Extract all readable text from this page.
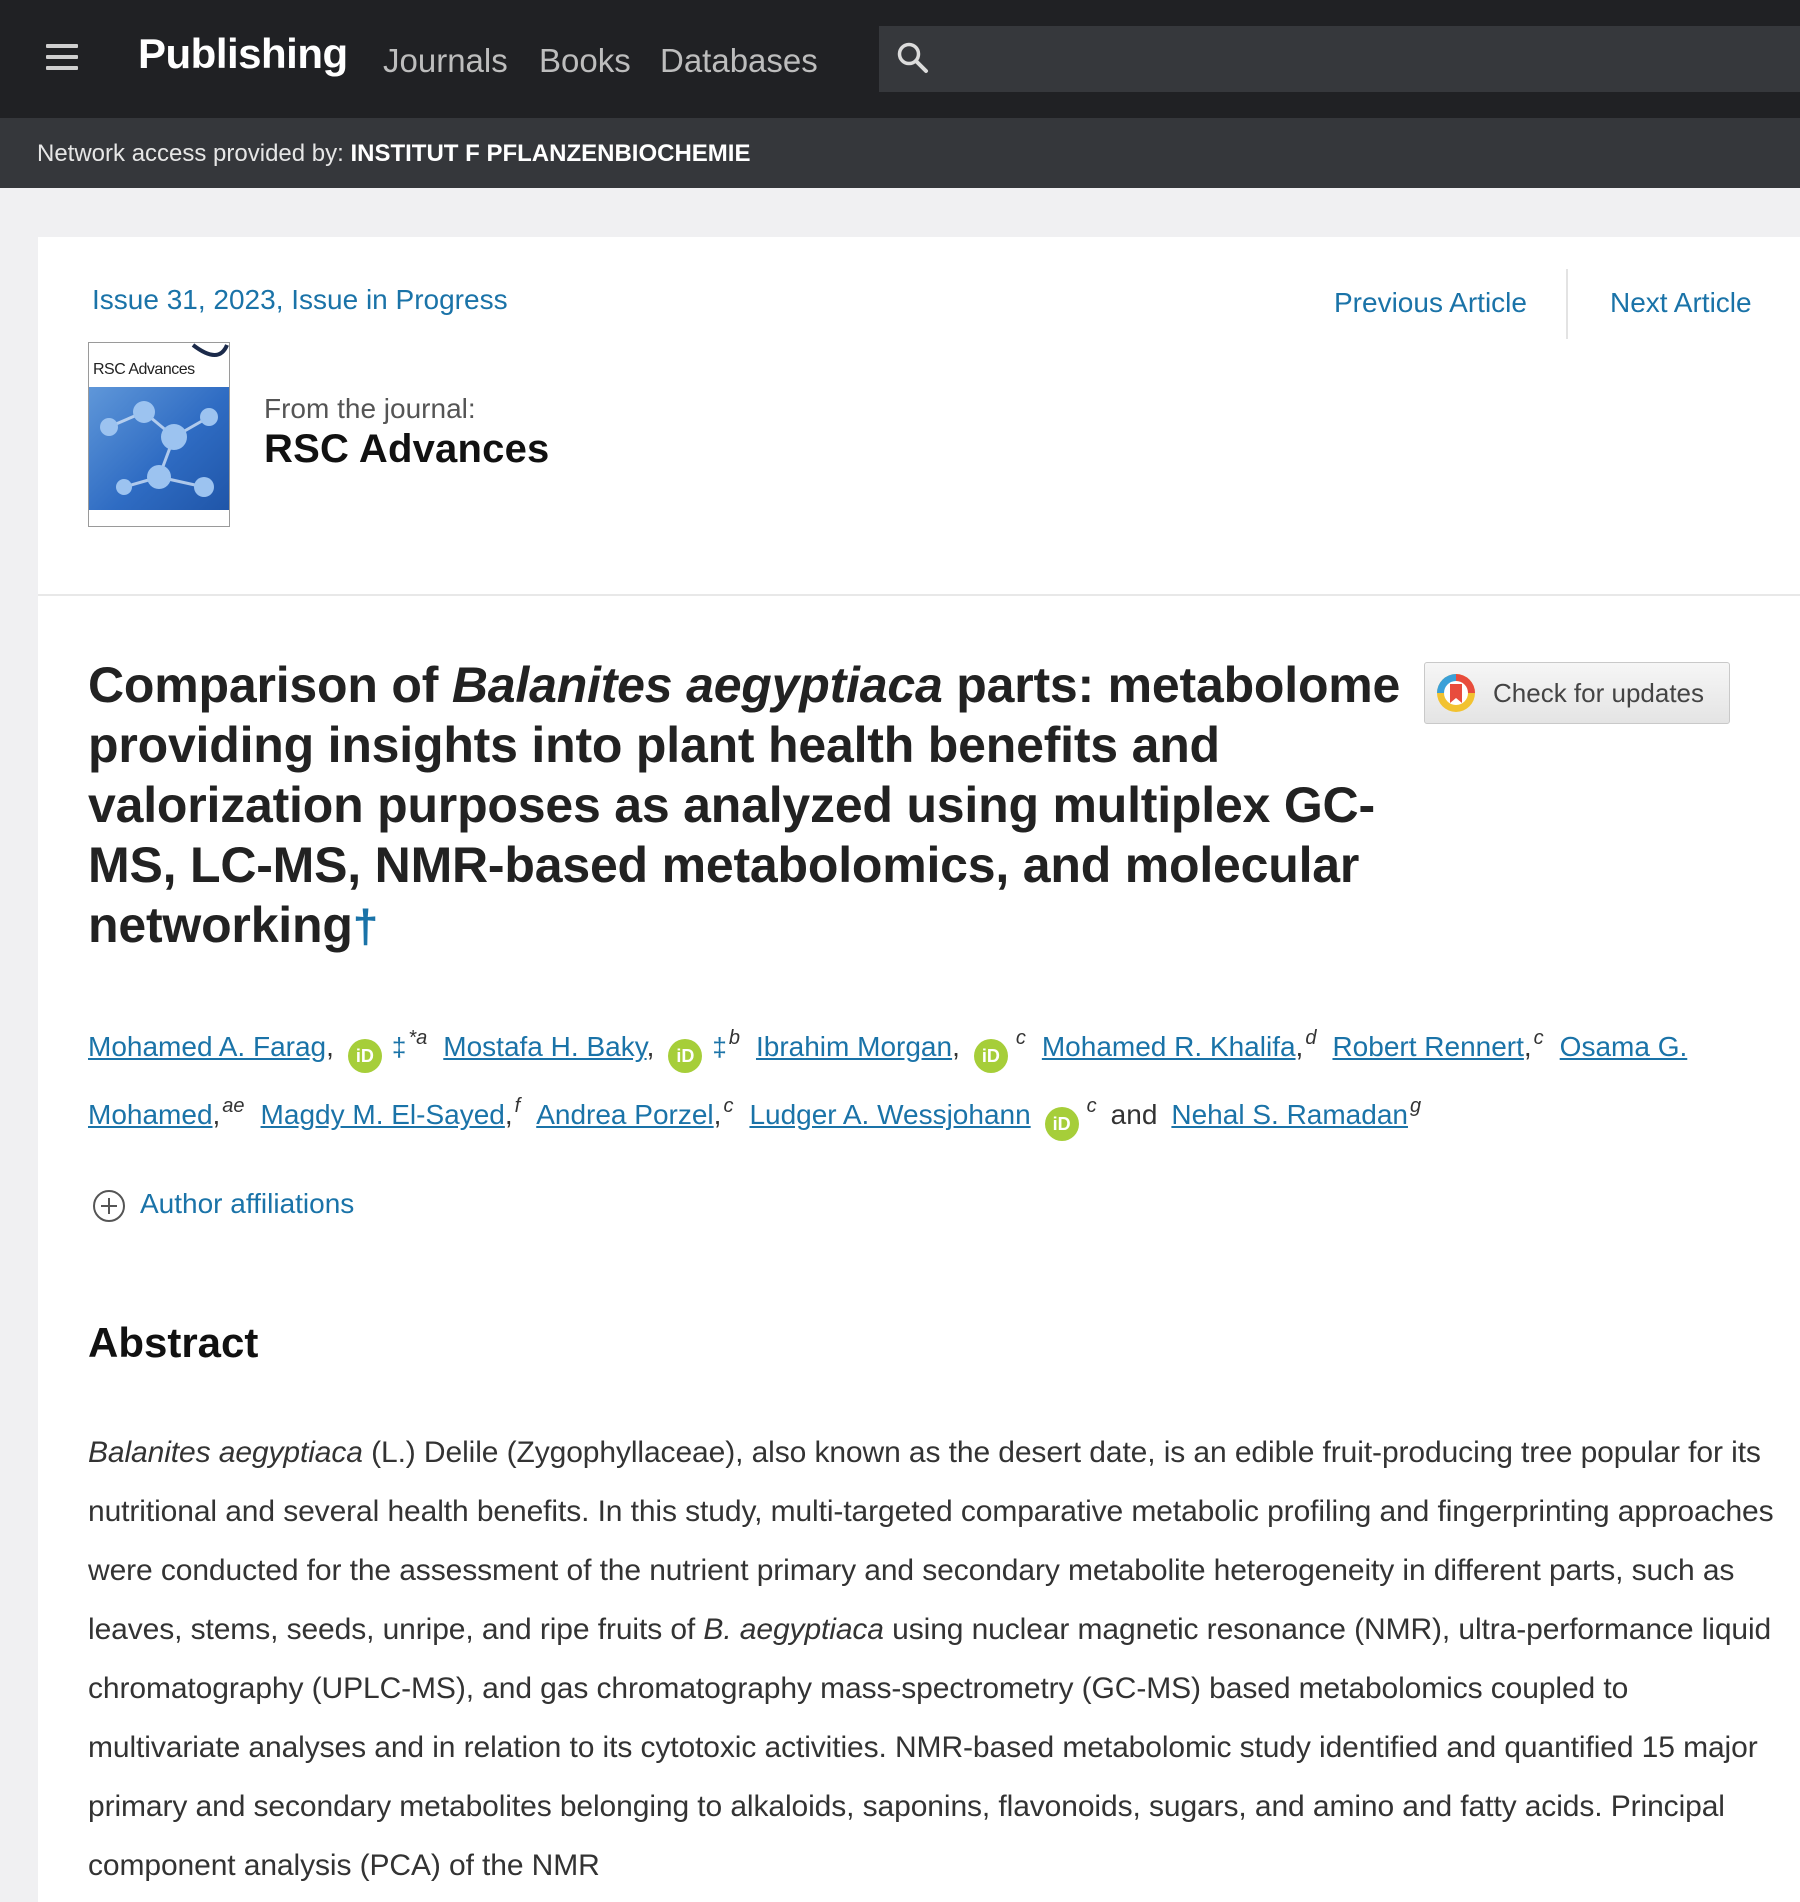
Publishing Journals Books Databases
Network access provided by: INSTITUT F PFLANZENBIOCHEMIE
Issue 31, 2023, Issue in Progress	Previous Article	Next Article
RSC Advances
From the journal:
RSC Advances
Comparison of Balanites aegyptiaca parts: metabolome providing insights into plant health benefits and valorization purposes as analyzed using multiplex GC-MS, LC-MS, NMR-based metabolomics, and molecular networking†
Check for updates
Mohamed A. Farag, iD ‡ $^{*a}$ Mostafa H. Baky, iD ‡ $^b$ Ibrahim Morgan, iD$^c$ Mohamed R. Khalifa, $^d$ Robert Rennert, $^c$ Osama G. Mohamed, $^{ae}$ Magdy M. El-Sayed, $^f$ Andrea Porzel, $^c$ Ludger A. Wessjohann iD$^c$ and Nehal S. Ramadan $^g$
Author affiliations
Abstract

Balanites aegyptiaca (L.) Delile (Zygophyllaceae), also known as the desert date, is an edible fruit-producing tree popular for its nutritional and several health benefits. In this study, multi-targeted comparative metabolic profiling and fingerprinting approaches were conducted for the assessment of the nutrient primary and secondary metabolite heterogeneity in different parts, such as leaves, stems, seeds, unripe, and ripe fruits of B. aegyptiaca using nuclear magnetic resonance (NMR), ultra-performance liquid chromatography (UPLC-MS), and gas chromatography mass-spectrometry (GC-MS) based metabolomics coupled to multivariate analyses and in relation to its cytotoxic activities. NMR-based metabolomic study identified and quantified 15 major primary and secondary metabolites belonging to alkaloids, saponins, flavonoids, sugars, and amino and fatty acids. Principal component analysis (PCA) of the NMR
